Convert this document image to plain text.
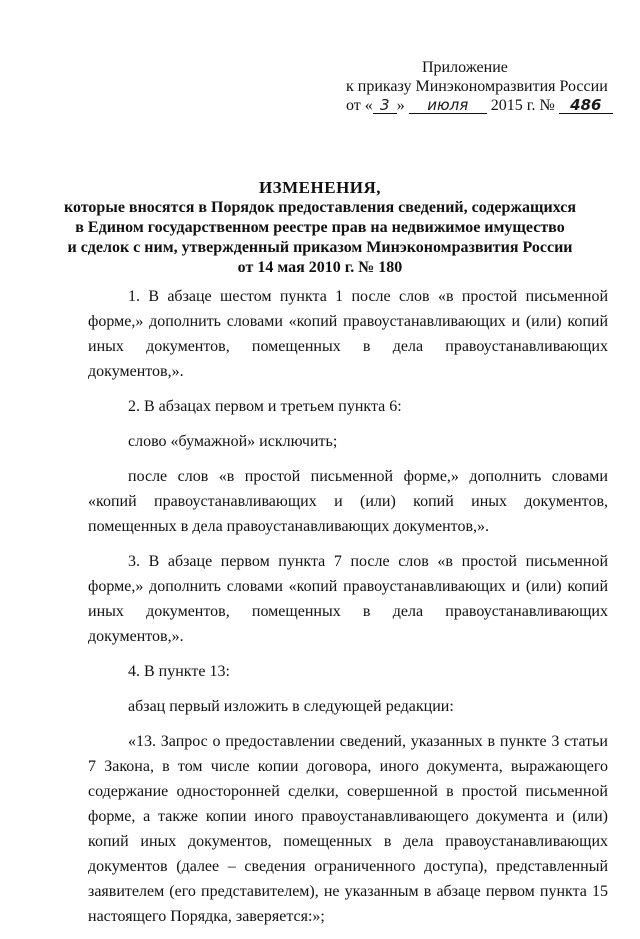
Приложение
к приказу Минэкономразвития России
от « 3 » июля 2015 г. № 486
ИЗМЕНЕНИЯ,
которые вносятся в Порядок предоставления сведений, содержащихся
в Едином государственном реестре прав на недвижимое имущество
и сделок с ним, утвержденный приказом Минэкономразвития России
от 14 мая 2010 г. № 180

1. В абзаце шестом пункта 1 после слов «в простой письменной форме,» дополнить словами «копий правоустанавливающих и (или) копий иных документов, помещенных в дела правоустанавливающих документов,».

2. В абзацах первом и третьем пункта 6:

слово «бумажной» исключить;

после слов «в простой письменной форме,» дополнить словами «копий правоустанавливающих и (или) копий иных документов, помещенных в дела правоустанавливающих документов,».

3. В абзаце первом пункта 7 после слов «в простой письменной форме,» дополнить словами «копий правоустанавливающих и (или) копий иных документов, помещенных в дела правоустанавливающих документов,».

4. В пункте 13:

абзац первый изложить в следующей редакции:

«13. Запрос о предоставлении сведений, указанных в пункте 3 статьи 7 Закона, в том числе копии договора, иного документа, выражающего содержание односторонней сделки, совершенной в простой письменной форме, а также копии иного правоустанавливающего документа и (или) копий иных документов, помещенных в дела правоустанавливающих документов (далее – сведения ограниченного доступа), представленный заявителем (его представителем), не указанным в абзаце первом пункта 15 настоящего Порядка, заверяется:»;
